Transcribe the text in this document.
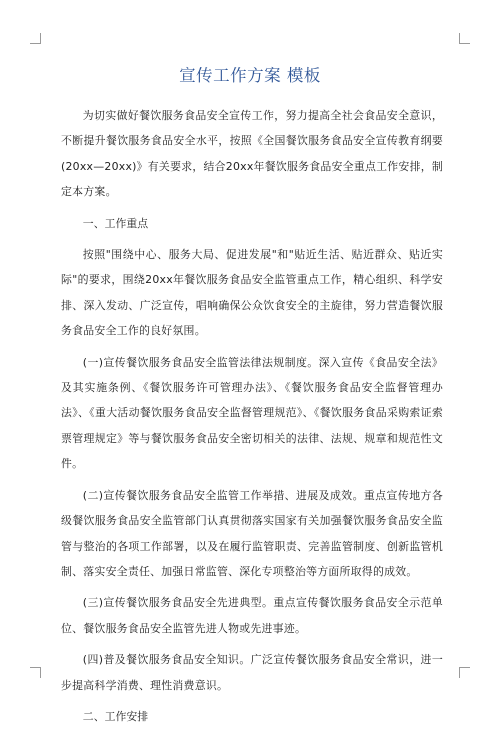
宣传工作方案 模板

为切实做好餐饮服务食品安全宣传工作，努力提高全社会食品安全意识，不断提升餐饮服务食品安全水平，按照《全国餐饮服务食品安全宣传教育纲要(20xx—20xx)》有关要求，结合20xx年餐饮服务食品安全重点工作安排，制定本方案。

一、工作重点

按照"围绕中心、服务大局、促进发展"和"贴近生活、贴近群众、贴近实际"的要求，围绕20xx年餐饮服务食品安全监管重点工作，精心组织、科学安排、深入发动、广泛宣传，唱响确保公众饮食安全的主旋律，努力营造餐饮服务食品安全工作的良好氛围。

(一)宣传餐饮服务食品安全监管法律法规制度。深入宣传《食品安全法》及其实施条例、《餐饮服务许可管理办法》、《餐饮服务食品安全监督管理办法》、《重大活动餐饮服务食品安全监督管理规范》、《餐饮服务食品采购索证索票管理规定》等与餐饮服务食品安全密切相关的法律、法规、规章和规范性文件。

(二)宣传餐饮服务食品安全监管工作举措、进展及成效。重点宣传地方各级餐饮服务食品安全监管部门认真贯彻落实国家有关加强餐饮服务食品安全监管与整治的各项工作部署，以及在履行监管职责、完善监管制度、创新监管机制、落实安全责任、加强日常监管、深化专项整治等方面所取得的成效。

(三)宣传餐饮服务食品安全先进典型。重点宣传餐饮服务食品安全示范单位、餐饮服务食品安全监管先进人物或先进事迹。

(四)普及餐饮服务食品安全知识。广泛宣传餐饮服务食品安全常识，进一步提高科学消费、理性消费意识。

二、工作安排
